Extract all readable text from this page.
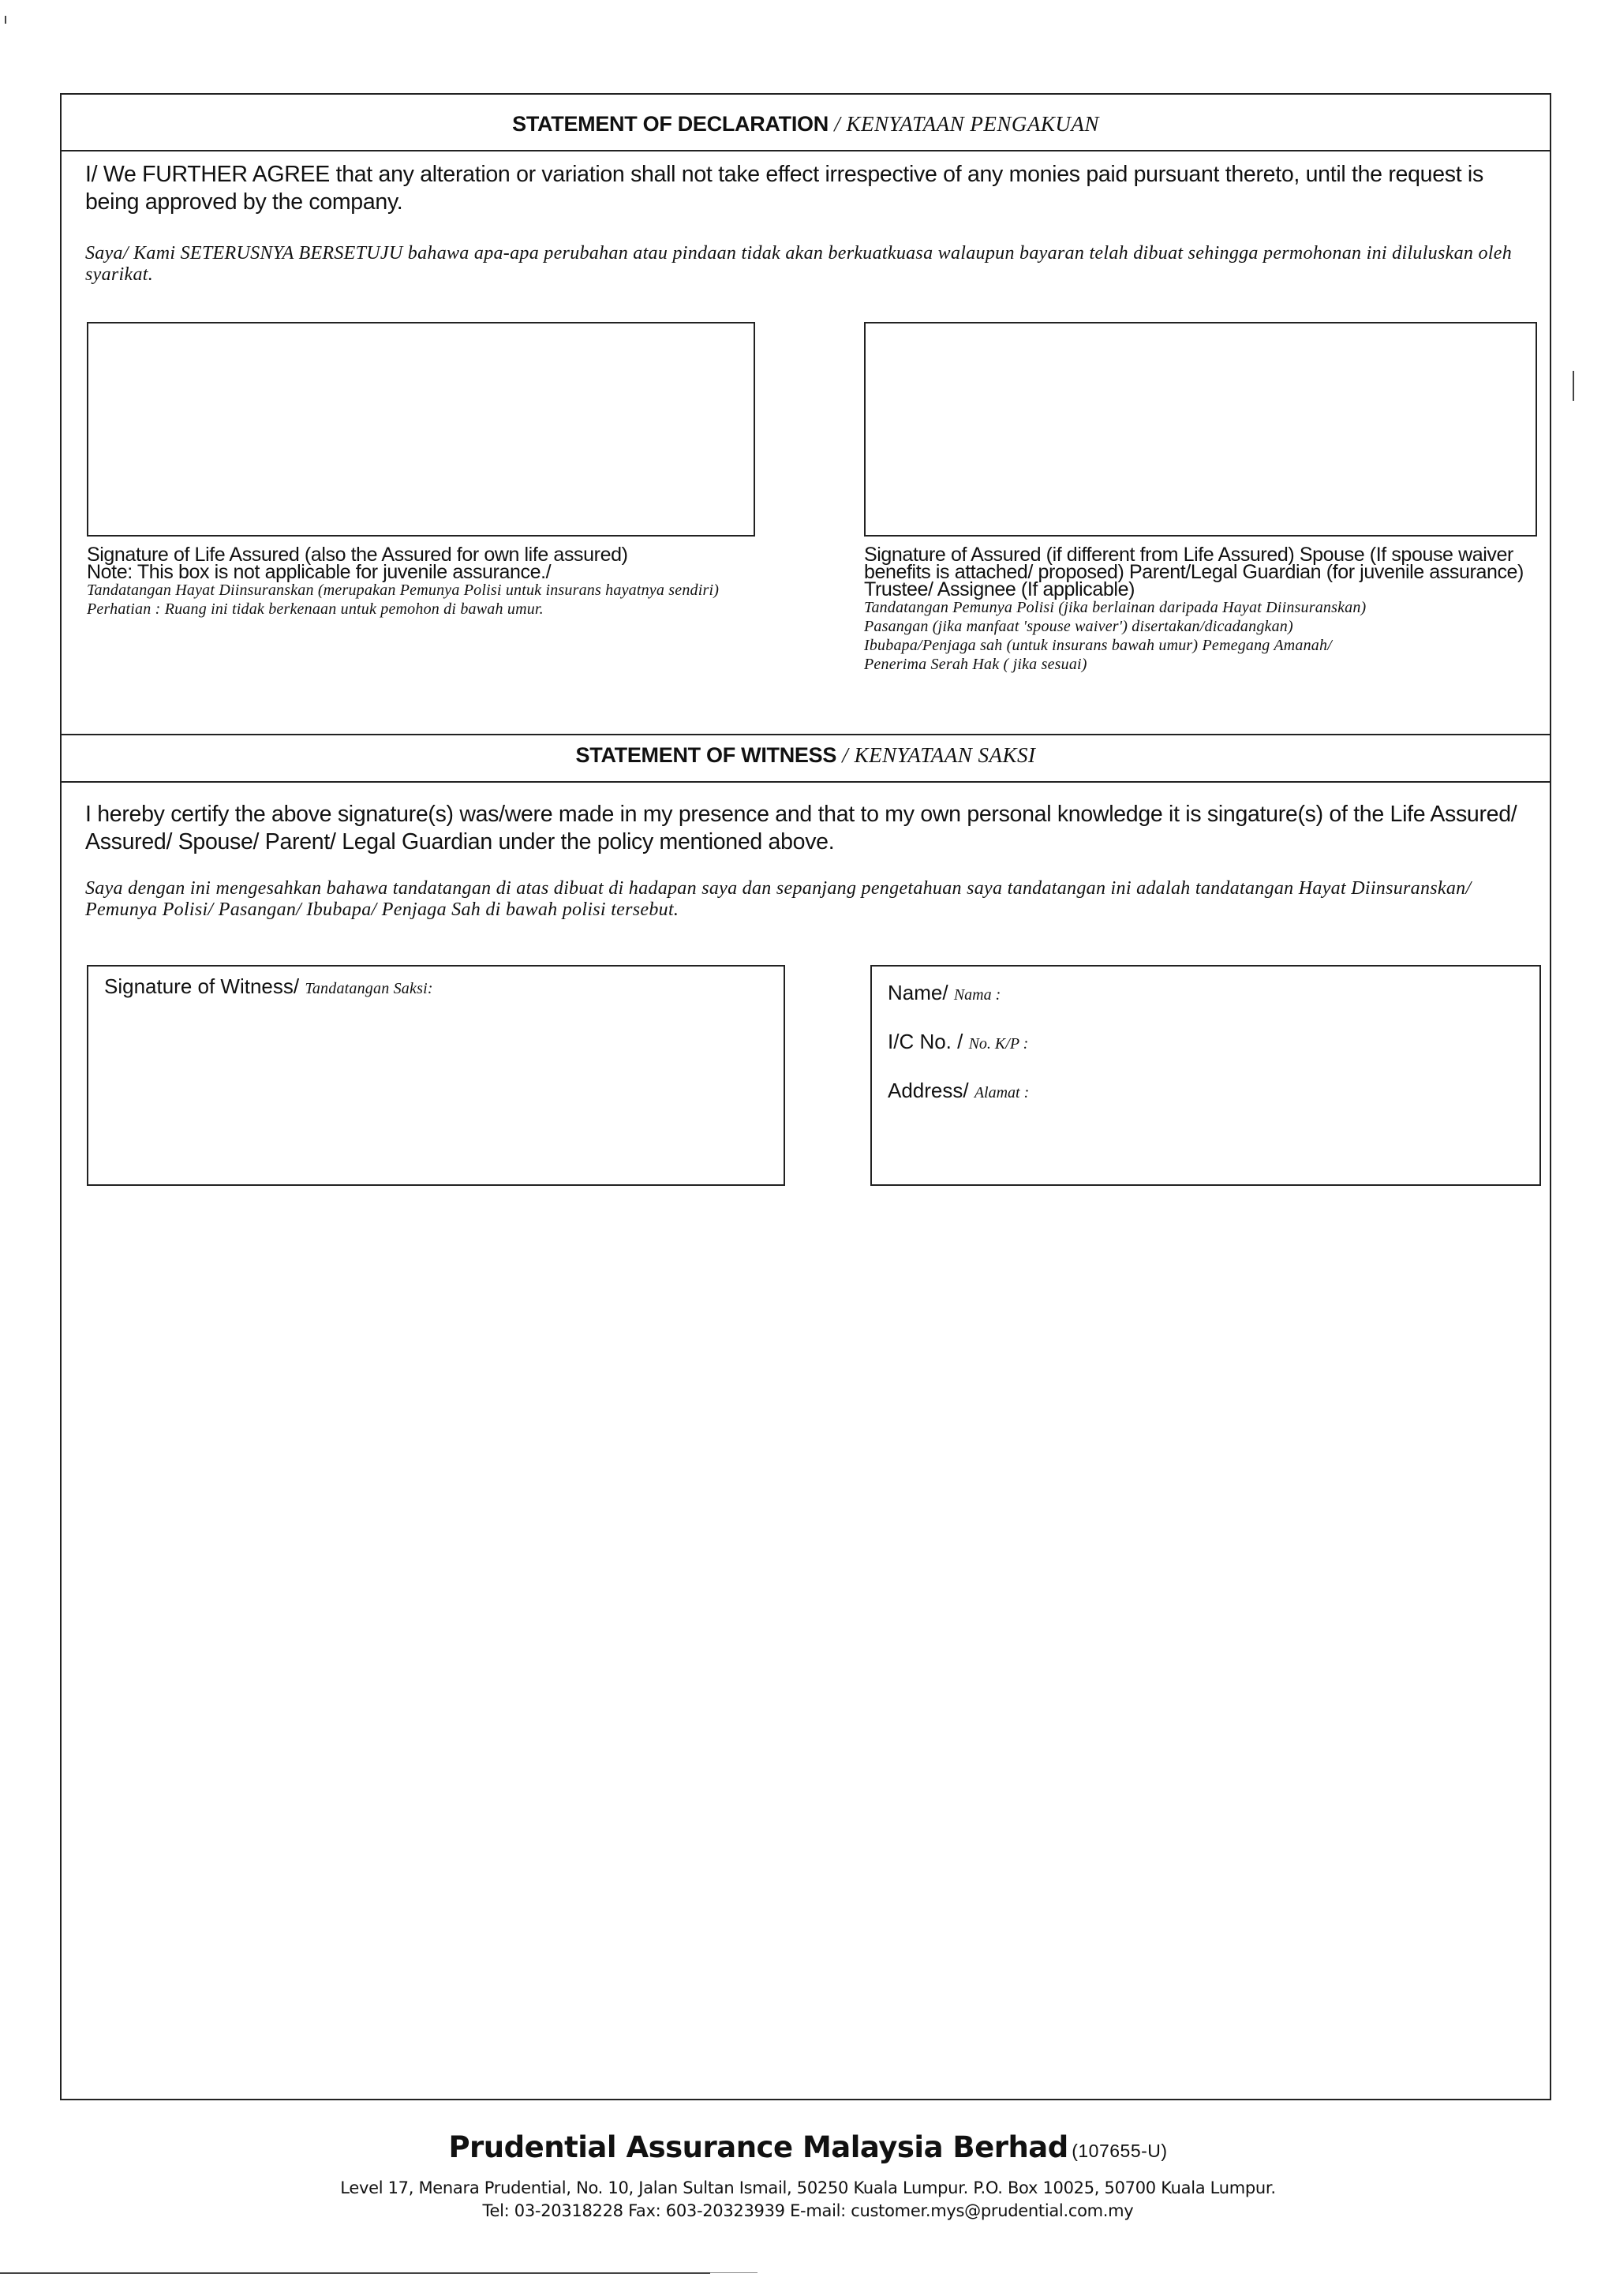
STATEMENT OF DECLARATION / KENYATAAN PENGAKUAN
I/ We FURTHER AGREE that any alteration or variation shall not take effect irrespective of any monies paid pursuant thereto, until the request is being approved by the company.
Saya/ Kami SETERUSNYA BERSETUJU bahawa apa-apa perubahan atau pindaan tidak akan berkuatkuasa walaupun bayaran telah dibuat sehingga permohonan ini diluluskan oleh syarikat.
Signature of Life Assured (also the Assured for own life assured)
Note: This box is not applicable for juvenile assurance./
Tandatangan Hayat Diinsuranskan (merupakan Pemunya Polisi untuk insurans hayatnya sendiri)
Perhatian : Ruang ini tidak berkenaan untuk pemohon di bawah umur.
Signature of Assured (if different from Life Assured) Spouse (If spouse waiver benefits is attached/ proposed) Parent/Legal Guardian (for juvenile assurance) Trustee/ Assignee (If applicable)
Tandatangan Pemunya Polisi (jika berlainan daripada Hayat Diinsuranskan)
Pasangan (jika manfaat 'spouse waiver') disertakan/dicadangkan)
Ibubapa/Penjaga sah (untuk insurans bawah umur) Pemegang Amanah/
Penerima Serah Hak ( jika sesuai)
STATEMENT OF WITNESS / KENYATAAN SAKSI
I hereby certify the above signature(s) was/were made in my presence and that to my own personal knowledge it is singature(s) of the Life Assured/ Assured/ Spouse/ Parent/ Legal Guardian under the policy mentioned above.
Saya dengan ini mengesahkan bahawa tandatangan di atas dibuat di hadapan saya dan sepanjang pengetahuan saya tandatangan ini adalah tandatangan Hayat Diinsuranskan/ Pemunya Polisi/ Pasangan/ Ibubapa/ Penjaga Sah di bawah polisi tersebut.
Signature of Witness/ Tandatangan Saksi:	Name/ Nama :
I/C No. / No. K/P :
Address/ Alamat :
Prudential Assurance Malaysia Berhad (107655-U)
Level 17, Menara Prudential, No. 10, Jalan Sultan Ismail, 50250 Kuala Lumpur. P.O. Box 10025, 50700 Kuala Lumpur.
Tel: 03-20318228 Fax: 603-20323939 E-mail: customer.mys@prudential.com.my
